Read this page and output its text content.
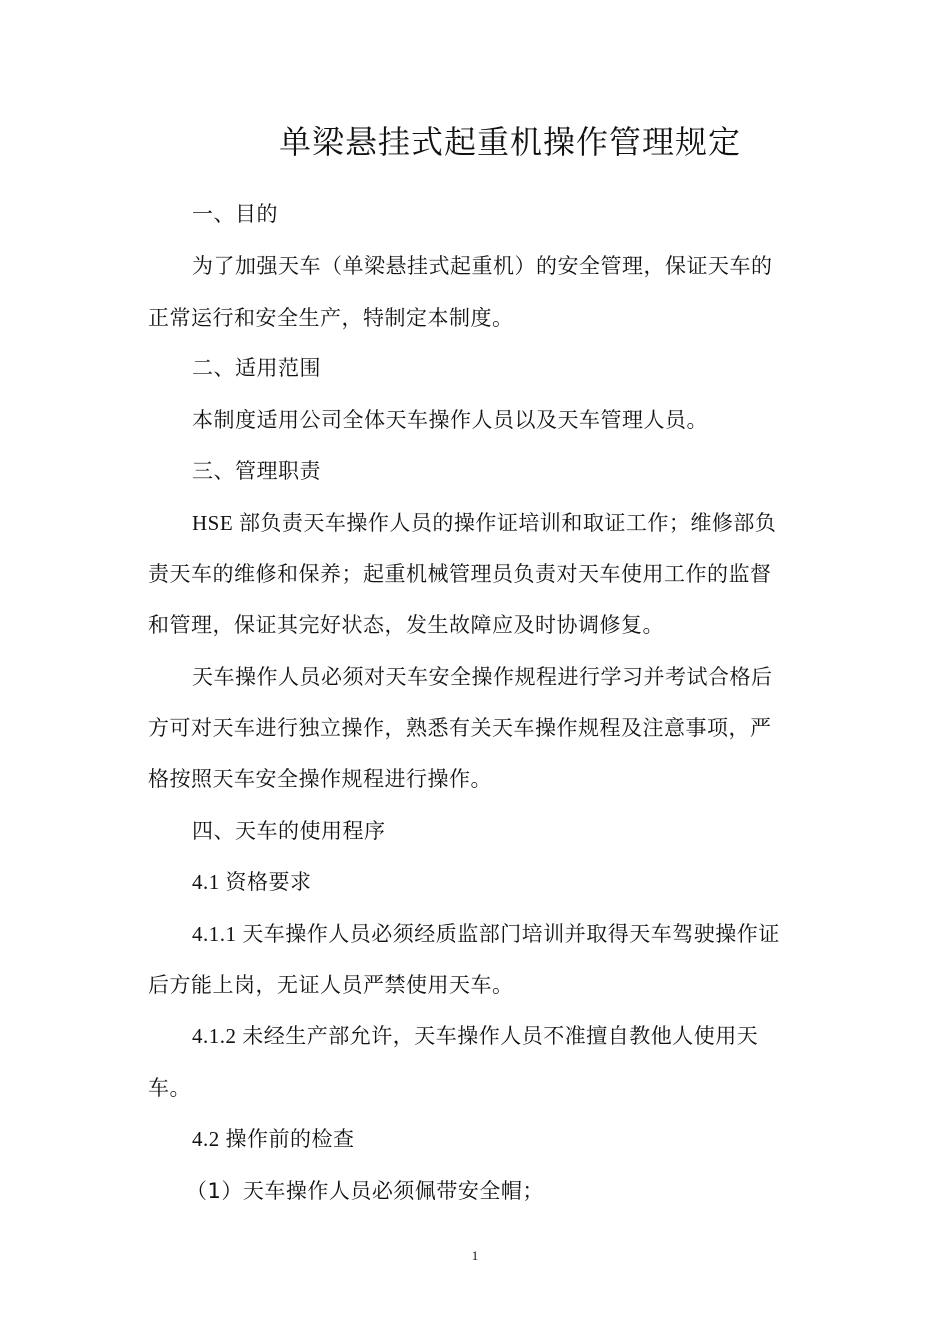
单梁悬挂式起重机操作管理规定
一、目的
为了加强天车（单梁悬挂式起重机）的安全管理，保证天车的
正常运行和安全生产，特制定本制度。
二、适用范围
本制度适用公司全体天车操作人员以及天车管理人员。
三、管理职责
HSE 部负责天车操作人员的操作证培训和取证工作；维修部负
责天车的维修和保养；起重机械管理员负责对天车使用工作的监督
和管理，保证其完好状态，发生故障应及时协调修复。
天车操作人员必须对天车安全操作规程进行学习并考试合格后
方可对天车进行独立操作，熟悉有关天车操作规程及注意事项，严
格按照天车安全操作规程进行操作。
四、天车的使用程序
4.1 资格要求
4.1.1 天车操作人员必须经质监部门培训并取得天车驾驶操作证
后方能上岗，无证人员严禁使用天车。
4.1.2 未经生产部允许，天车操作人员不准擅自教他人使用天
车。
4.2 操作前的检查
（1）天车操作人员必须佩带安全帽；
1
